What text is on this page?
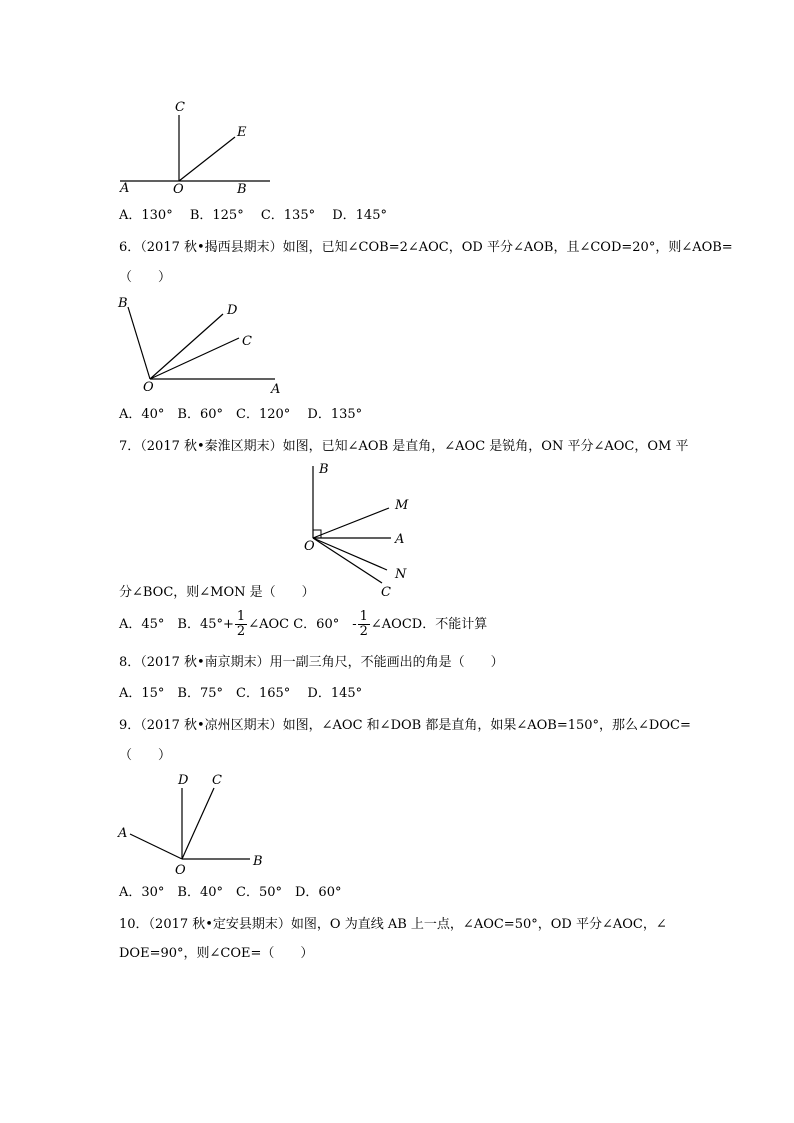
C
E
A	O	B
A．130°　 B．125°　 C．135°　 D．145°
6．（2017 秋•揭西县期末）如图，已知∠COB=2∠AOC，OD 平分∠AOB，且∠COD=20°，则∠AOB=
（　　）
B	D
C
O	A
A．40°　B．60°　C．120°　 D．135°
7．（2017 秋•秦淮区期末）如图，已知∠AOB 是直角，∠AOC 是锐角，ON 平分∠AOC，OM 平
B
M
O	A
N
C
分∠BOC，则∠MON 是（　　）
A．45°　B．$45^\circ+ \frac{1}{2}$ ∠AOC C．60°　- $\frac{1}{2}$ ∠AOCD．不能计算
8．（2017 秋•南京期末）用一副三角尺，不能画出的角是（　　）
A．15°　B．75°　C．165°　 D．145°
9．（2017 秋•凉州区期末）如图，∠AOC 和∠DOB 都是直角，如果∠AOB=150°，那么∠DOC=
（　　）
D C
A
O
B
A．30°　B．40°　C．50°　D．60°
10．（2017 秋•定安县期末）如图，O 为直线 AB 上一点，∠AOC=50°，OD 平分∠AOC，∠
DOE=90°，则∠COE=（　　）
